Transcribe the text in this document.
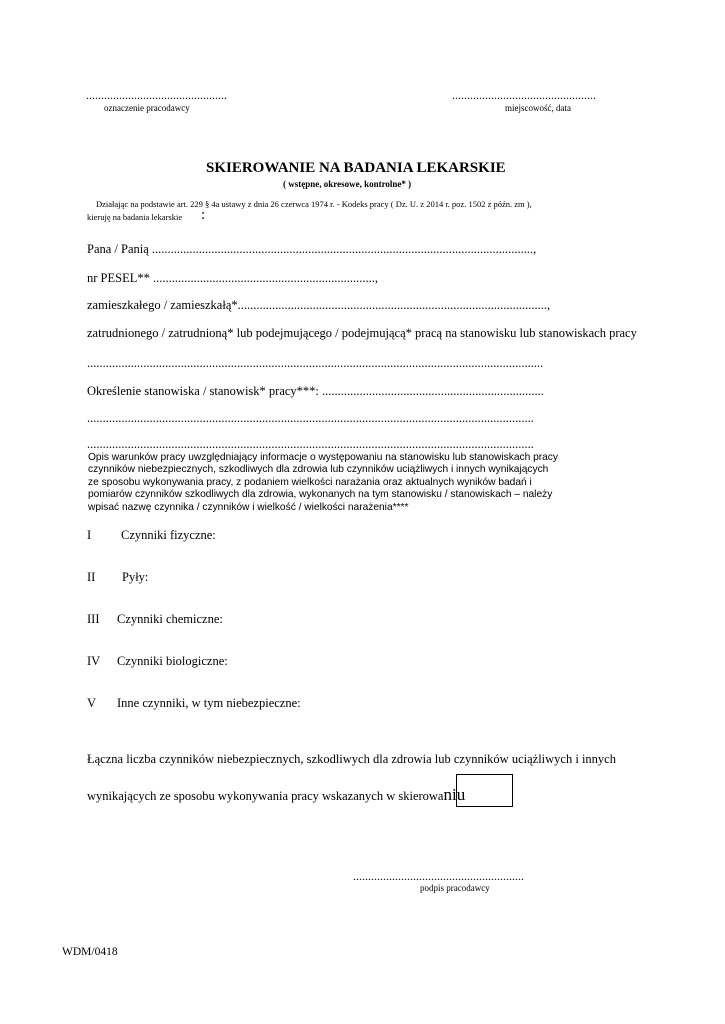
...............................................
oznaczenie pracodawcy
................................................
miejscowość, data
SKIEROWANIE NA BADANIA LEKARSKIE
( wstępne, okresowe, kontrolne* )
Działając na podstawie art. 229 § 4a ustawy z dnia 26 czerwca 1974 r. - Kodeks pracy ( Dz. U. z 2014 r. poz. 1502 z późn. zm ),
kieruję na badania lekarskie :
Pana / Panią ..........................................................................................................................,
nr PESEL** .......................................................................,
zamieszkałego / zamieszkałą*...................................................................................................,
zatrudnionego / zatrudnioną* lub podejmującego / podejmującą* pracą na stanowisku lub stanowiskach pracy
..................................................................................................................................................
Określenie stanowiska / stanowisk* pracy***: .......................................................................
...............................................................................................................................................
...............................................................................................................................................
Opis warunków pracy uwzględniający informacje o występowaniu na stanowisku lub stanowiskach pracy czynników niebezpiecznych, szkodliwych dla zdrowia lub czynników uciążliwych i innych wynikających ze sposobu wykonywania pracy, z podaniem wielkości narażania oraz aktualnych wyników badań i pomiarów czynników szkodliwych dla zdrowia, wykonanych na tym stanowisku / stanowiskach – należy wpisać nazwę czynnika / czynników i wielkość / wielkości narażenia****
I Czynniki fizyczne:
II Pyły:
III Czynniki chemiczne:
IV Czynniki biologiczne:
V Inne czynniki, w tym niebezpieczne:
Łączna liczba czynników niebezpiecznych, szkodliwych dla zdrowia lub czynników uciążliwych i innych
wynikających ze sposobu wykonywania pracy wskazanych w skierowaniu
.........................................................
podpis pracodawcy
WDM/0418
